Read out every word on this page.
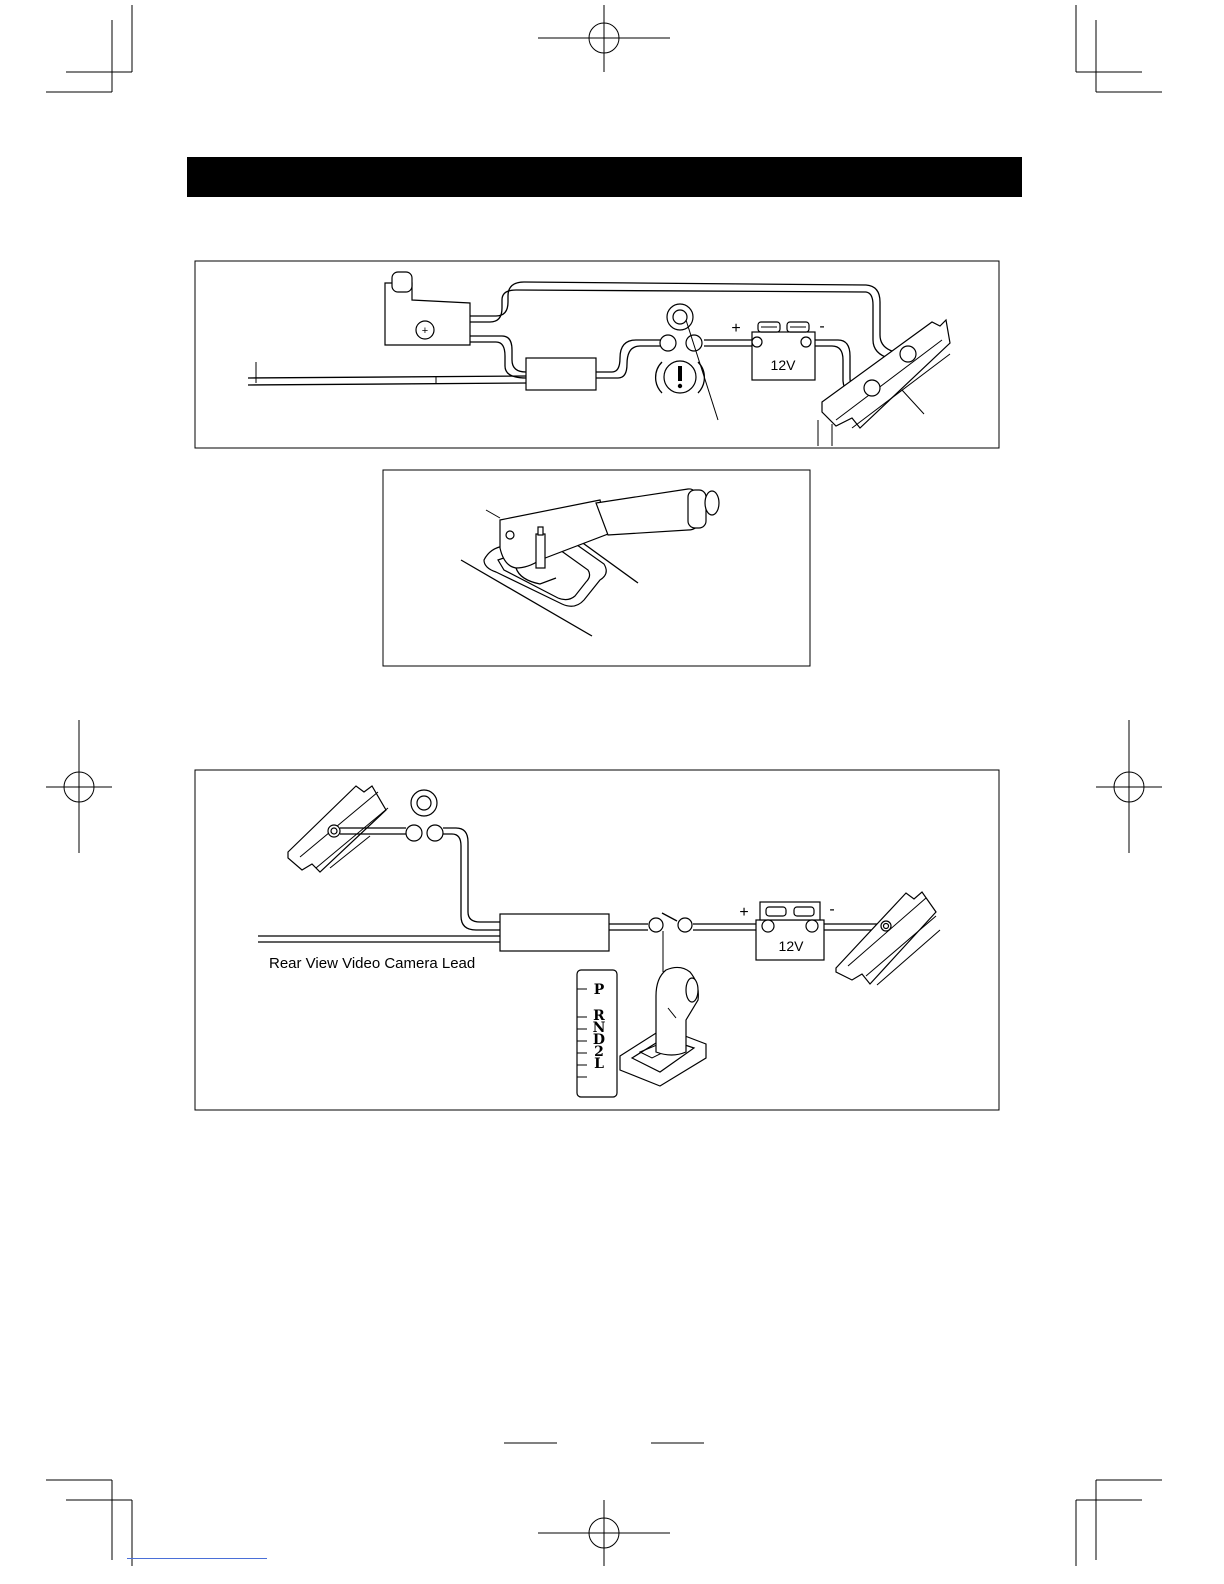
+
12V
+	-
Rear View Video Camera Lead
12V
+	-
P
R
N
D
2
L
